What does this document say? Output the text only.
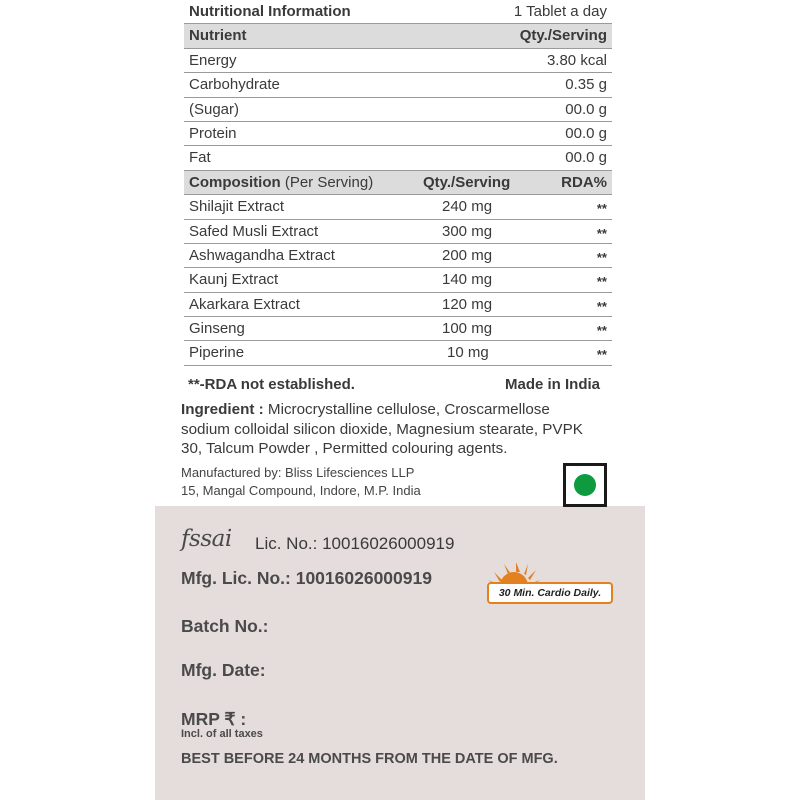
Nutritional Information	1 Tablet a day
Nutrient	Qty./Serving
Energy	3.80 kcal
Carbohydrate	0.35 g
(Sugar)	00.0 g
Protein	00.0 g
Fat	00.0 g
Composition (Per Serving)	Qty./Serving	RDA%
Shilajit Extract	240 mg	**
Safed Musli Extract	300 mg	**
Ashwagandha Extract	200 mg	**
Kaunj Extract	140 mg	**
Akarkara Extract	120 mg	**
Ginseng	100 mg	**
Piperine	10 mg	**
**-RDA not established.	Made in India
Ingredient : Microcrystalline cellulose, Croscarmellose sodium colloidal silicon dioxide, Magnesium stearate, PVPK 30, Talcum Powder , Permitted colouring agents.
Manufactured by: Bliss Lifesciences LLP
15, Mangal Compound, Indore, M.P. India
fssai Lic. No.: 10016026000919
Mfg. Lic. No.: 10016026000919
30 Min. Cardio Daily.
Batch No.:
Mfg. Date:
MRP ₹ :
Incl. of all taxes
BEST BEFORE 24 MONTHS FROM THE DATE OF MFG.
